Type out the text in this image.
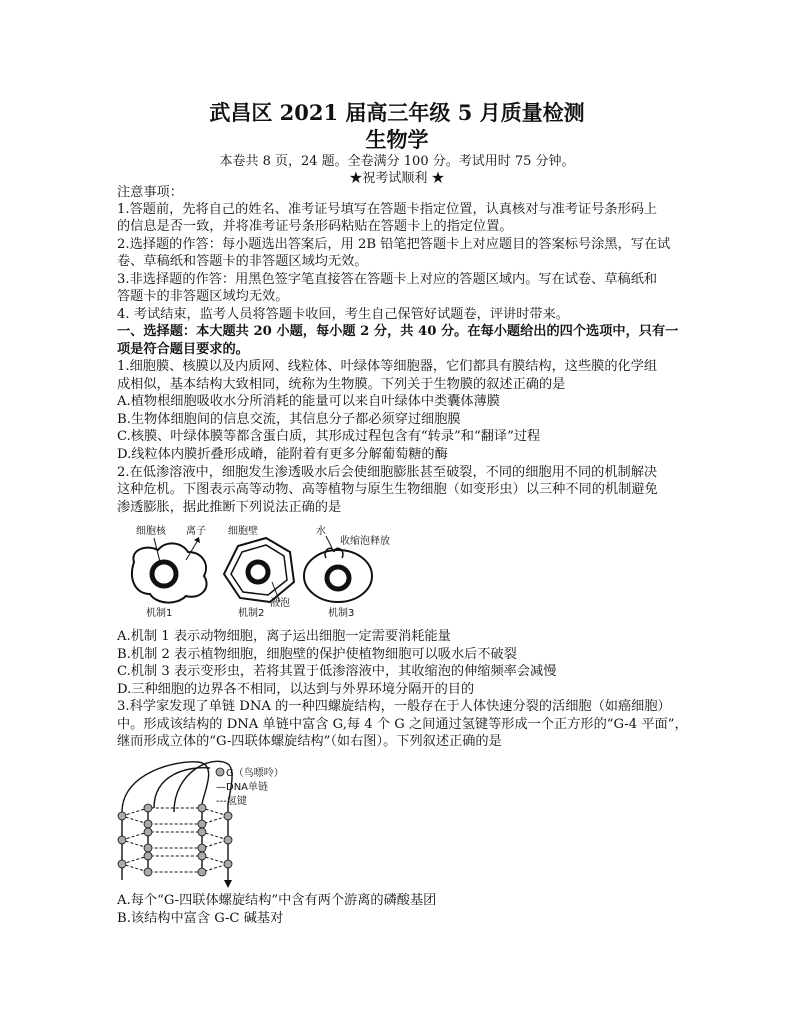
武昌区 2021 届高三年级 5 月质量检测
生物学
本卷共 8 页，24 题。全卷满分 100 分。考试用时 75 分钟。
★祝考试顺利 ★
注意事项：
1.答题前，先将自己的姓名、准考证号填写在答题卡指定位置，认真核对与准考证号条形码上
的信息是否一致，并将准考证号条形码粘贴在答题卡上的指定位置。
2.选择题的作答：每小题选出答案后，用 2B 铅笔把答题卡上对应题目的答案标号涂黑，写在试
卷、草稿纸和答题卡的非答题区域均无效。
3.非选择题的作答：用黑色签字笔直接答在答题卡上对应的答题区域内。写在试卷、草稿纸和
答题卡的非答题区域均无效。
4. 考试结束，监考人员将答题卡收回，考生自己保管好试题卷，评讲时带来。
一、选择题：本大题共 20 小题，每小题 2 分，共 40 分。在每小题给出的四个选项中，只有一
项是符合题目要求的。
1.细胞膜、核膜以及内质网、线粒体、叶绿体等细胞器，它们都具有膜结构，这些膜的化学组
成相似，基本结构大致相同，统称为生物膜。下列关于生物膜的叙述正确的是
A.植物根细胞吸收水分所消耗的能量可以来自叶绿体中类囊体薄膜
B.生物体细胞间的信息交流，其信息分子都必须穿过细胞膜
C.核膜、叶绿体膜等都含蛋白质，其形成过程包含有“转录”和“翻译”过程
D.线粒体内膜折叠形成嵴，能附着有更多分解葡萄糖的酶
2.在低渗溶液中，细胞发生渗透吸水后会使细胞膨胀甚至破裂，不同的细胞用不同的机制解决
这种危机。下图表示高等动物、高等植物与原生生物细胞（如变形虫）以三种不同的机制避免
渗透膨胀，据此推断下列说法正确的是
细胞核 离子
机制1
细胞壁
液泡
机制2
水
收缩泡释放
机制3
A.机制 1 表示动物细胞，离子运出细胞一定需要消耗能量
B.机制 2 表示植物细胞，细胞壁的保护使植物细胞可以吸水后不破裂
C.机制 3 表示变形虫，若将其置于低渗溶液中，其收缩泡的伸缩频率会减慢
D.三种细胞的边界各不相同，以达到与外界环境分隔开的目的
3.科学家发现了单链 DNA 的一种四螺旋结构，一般存在于人体快速分裂的活细胞（如癌细胞）
中。形成该结构的 DNA 单链中富含 G,每 4 个 G 之间通过氢键等形成一个正方形的“G-4 平面”，
继而形成立体的“G-四联体螺旋结构”（如右图）。下列叙述正确的是
G（鸟嘌呤）
—DNA单链
---氢键
A.每个“G-四联体螺旋结构”中含有两个游离的磷酸基团
B.该结构中富含 G-C 碱基对
